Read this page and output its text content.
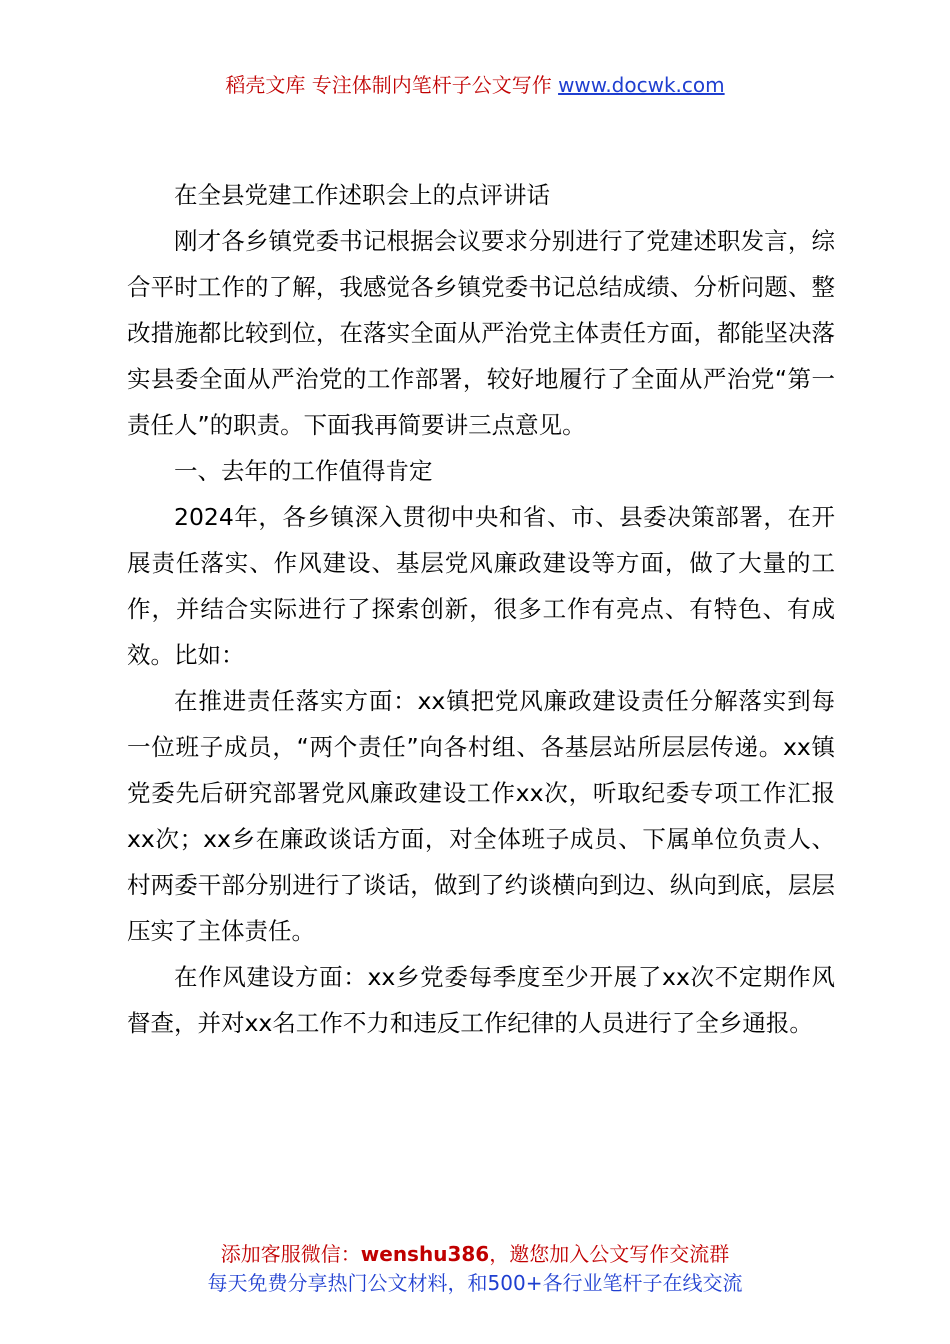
稻壳文库 专注体制内笔杆子公文写作 www.docwk.com

在全县党建工作述职会上的点评讲话

刚才各乡镇党委书记根据会议要求分别进行了党建述职发言，综合平时工作的了解，我感觉各乡镇党委书记总结成绩、分析问题、整改措施都比较到位，在落实全面从严治党主体责任方面，都能坚决落实县委全面从严治党的工作部署，较好地履行了全面从严治党“第一责任人”的职责。下面我再简要讲三点意见。

一、去年的工作值得肯定

2024年，各乡镇深入贯彻中央和省、市、县委决策部署，在开展责任落实、作风建设、基层党风廉政建设等方面，做了大量的工作，并结合实际进行了探索创新，很多工作有亮点、有特色、有成效。比如：

在推进责任落实方面：xx镇把党风廉政建设责任分解落实到每一位班子成员，“两个责任”向各村组、各基层站所层层传递。xx镇党委先后研究部署党风廉政建设工作xx次，听取纪委专项工作汇报xx次；xx乡在廉政谈话方面，对全体班子成员、下属单位负责人、村两委干部分别进行了谈话，做到了约谈横向到边、纵向到底，层层压实了主体责任。

在作风建设方面：xx乡党委每季度至少开展了xx次不定期作风督查，并对xx名工作不力和违反工作纪律的人员进行了全乡通报。

添加客服微信：wenshu386，邀您加入公文写作交流群
每天免费分享热门公文材料，和500+各行业笔杆子在线交流
